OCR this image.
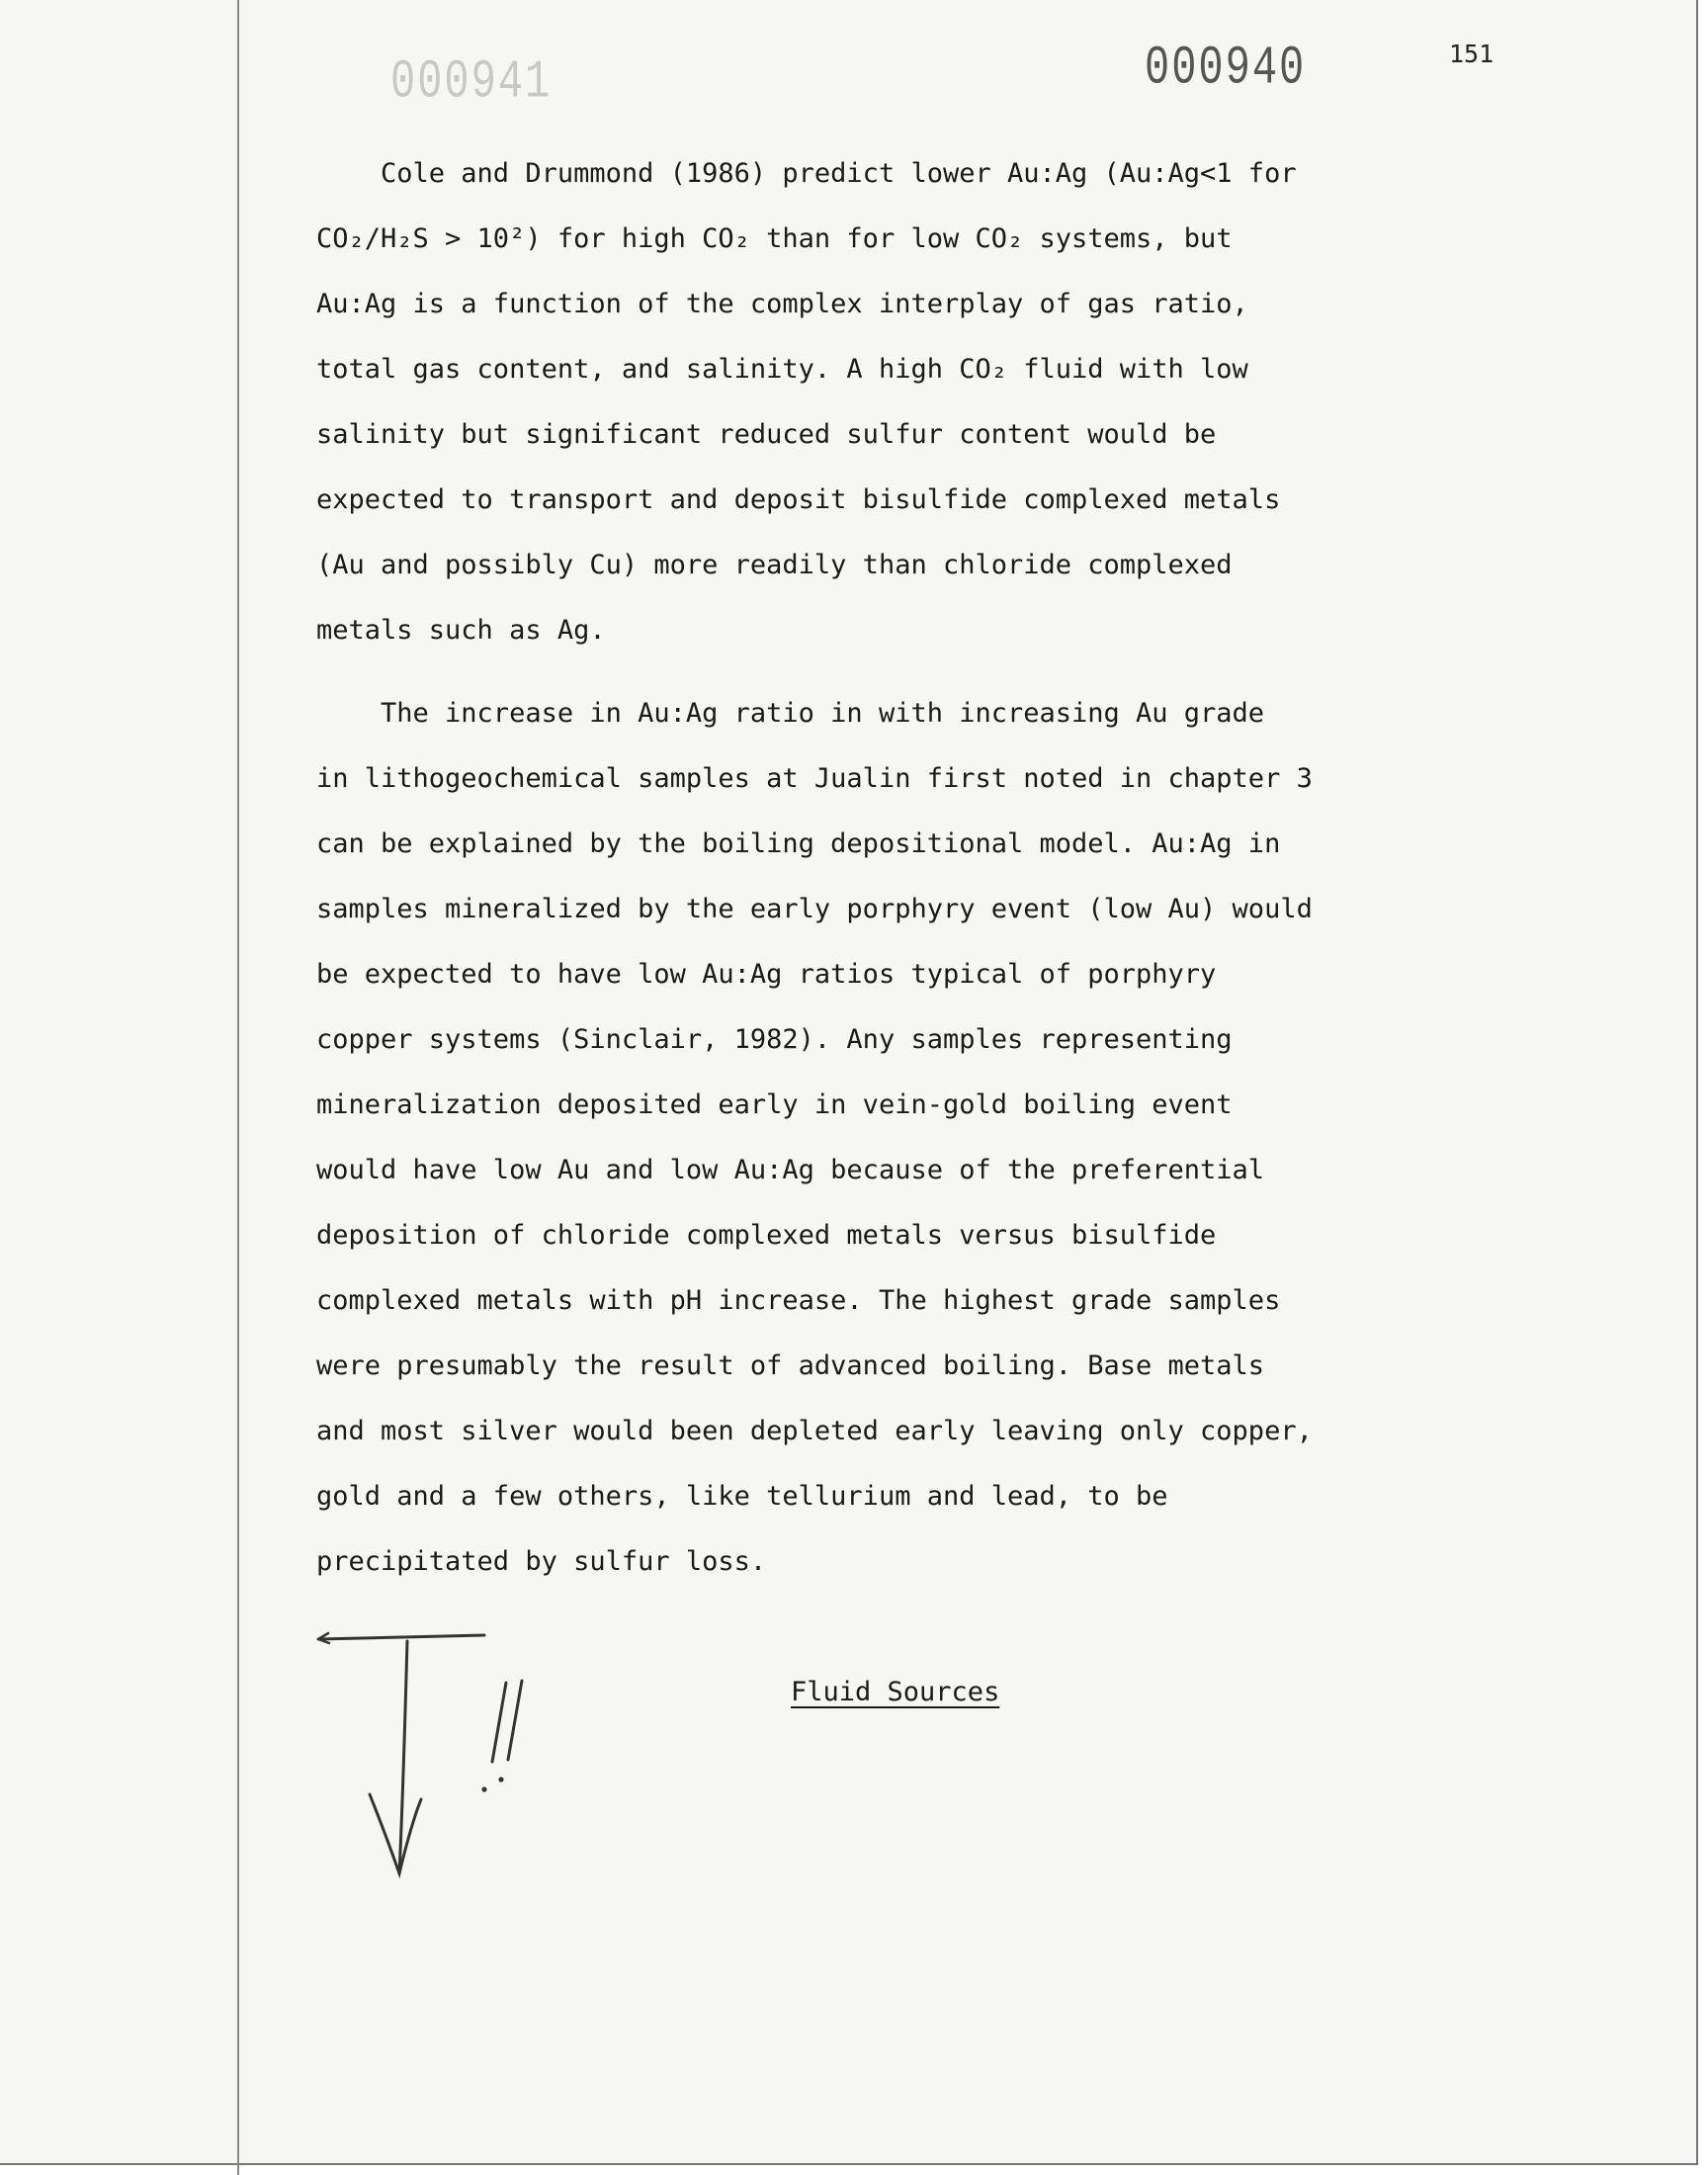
000941	000940	151
Cole and Drummond (1986) predict lower Au:Ag (Au:Ag<1 for
CO₂/H₂S > 10²) for high CO₂ than for low CO₂ systems, but
Au:Ag is a function of the complex interplay of gas ratio,
total gas content, and salinity. A high CO₂ fluid with low
salinity but significant reduced sulfur content would be
expected to transport and deposit bisulfide complexed metals
(Au and possibly Cu) more readily than chloride complexed
metals such as Ag.
The increase in Au:Ag ratio in with increasing Au grade
in lithogeochemical samples at Jualin first noted in chapter 3
can be explained by the boiling depositional model. Au:Ag in
samples mineralized by the early porphyry event (low Au) would
be expected to have low Au:Ag ratios typical of porphyry
copper systems (Sinclair, 1982). Any samples representing
mineralization deposited early in vein-gold boiling event
would have low Au and low Au:Ag because of the preferential
deposition of chloride complexed metals versus bisulfide
complexed metals with pH increase. The highest grade samples
were presumably the result of advanced boiling. Base metals
and most silver would been depleted early leaving only copper,
gold and a few others, like tellurium and lead, to be
precipitated by sulfur loss.
Fluid Sources
